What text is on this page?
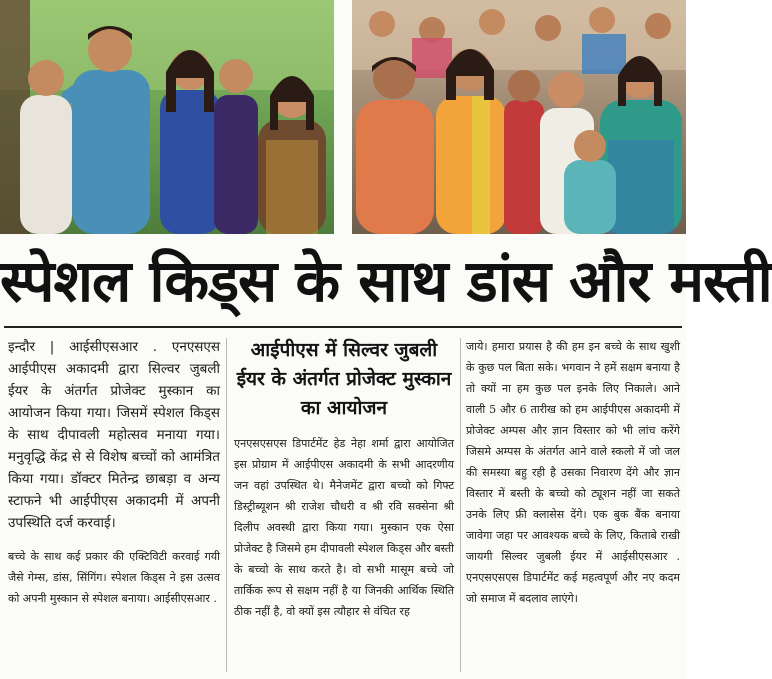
स्पेशल किड्स के साथ डांस और मस्ती

इन्दौर | आईसीएसआर . एनएसएस आईपीएस अकादमी द्वारा सिल्वर जुबली ईयर के अंतर्गत प्रोजेक्ट मुस्कान का आयोजन किया गया। जिसमें स्पेशल किड्स के साथ दीपावली महोत्सव मनाया गया। मनुवृद्धि केंद्र से से विशेष बच्चों को आमंत्रित किया गया। डॉक्टर मितेन्द्र छाबड़ा व अन्य स्टाफने भी आईपीएस अकादमी में अपनी उपस्थिति दर्ज करवाई।

बच्चे के साथ कई प्रकार की एक्टिविटी करवाई गयी जैसे गेम्स, डांस, सिंगिंग। स्पेशल किड्स ने इस उत्सव को अपनी मुस्कान से स्पेशल बनाया। आईसीएसआर .

आईपीएस में सिल्वर जुबली ईयर के अंतर्गत प्रोजेक्ट मुस्कान का आयोजन

एनएसएसएस डिपार्टमेंट हेड नेहा शर्मा द्वारा आयोजित इस प्रोग्राम में आईपीएस अकादमी के सभी आदरणीय जन वहां उपस्थित थे। मैनेजमेंट द्वारा बच्चो को गिफ्ट डिस्ट्रीब्यूशन श्री राजेश चौधरी व श्री रवि सक्सेना श्री दिलीप अवस्थी द्वारा किया गया। मुस्कान एक ऐसा प्रोजेक्ट है जिसमे हम दीपावली स्पेशल किड्स और बस्ती के बच्चो के साथ करते है। वो सभी मासूम बच्चे जो तार्किक रूप से सक्षम नहीं है या जिनकी आर्थिक स्थिति ठीक नहीं है, वो क्यों इस त्यौहार से वंचित रह

जाये। हमारा प्रयास है की हम इन बच्चे के साथ खुशी के कुछ पल बिता सके। भगवान ने हमें सक्षम बनाया है तो क्यों ना हम कुछ पल इनके लिए निकाले। आने वाली 5 और 6 तारीख को हम आईपीएस अकादमी में प्रोजेक्ट अम्पस और ज्ञान विस्तार को भी लांच करेंगे जिसमे अम्पस के अंतर्गत आने वाले स्कलो में जो जल की समस्या बहु रही है उसका निवारण देंगे और ज्ञान विस्तार में बस्ती के बच्चो को ट्यूशन नहीं जा सकते उनके लिए फ्री क्लासेस देंगे। एक बुक बैंक बनाया जावेगा जहा पर आवश्यक बच्चे के लिए, किताबे राखी जायगी सिल्वर जुबली ईयर में आईसीएसआर . एनएसएसएस डिपार्टमेंट कई महत्वपूर्ण और नए कदम जो समाज में बदलाव लाएंगे।
